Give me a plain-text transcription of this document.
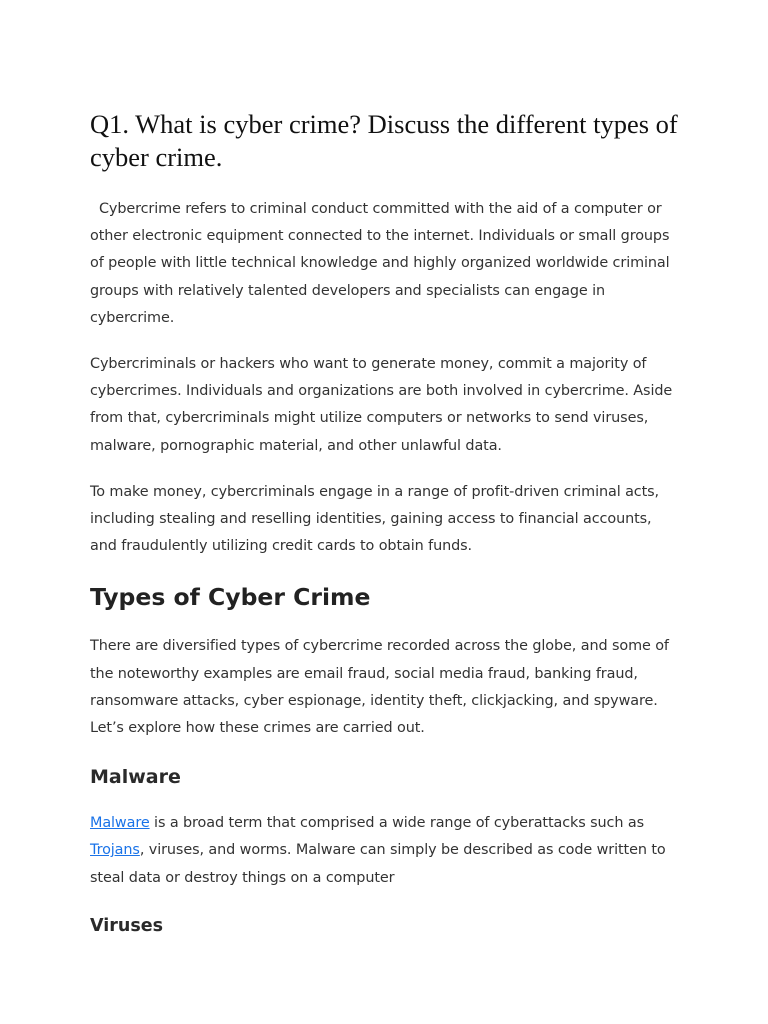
Q1. What is cyber crime? Discuss the different types of cyber crime.

Cybercrime refers to criminal conduct committed with the aid of a computer or other electronic equipment connected to the internet. Individuals or small groups of people with little technical knowledge and highly organized worldwide criminal groups with relatively talented developers and specialists can engage in cybercrime.

Cybercriminals or hackers who want to generate money, commit a majority of cybercrimes. Individuals and organizations are both involved in cybercrime. Aside from that, cybercriminals might utilize computers or networks to send viruses, malware, pornographic material, and other unlawful data.

To make money, cybercriminals engage in a range of profit-driven criminal acts, including stealing and reselling identities, gaining access to financial accounts, and fraudulently utilizing credit cards to obtain funds.

Types of Cyber Crime

There are diversified types of cybercrime recorded across the globe, and some of the noteworthy examples are email fraud, social media fraud, banking fraud, ransomware attacks, cyber espionage, identity theft, clickjacking, and spyware. Let’s explore how these crimes are carried out.

Malware

Malware is a broad term that comprised a wide range of cyberattacks such as Trojans, viruses, and worms. Malware can simply be described as code written to steal data or destroy things on a computer

Viruses
